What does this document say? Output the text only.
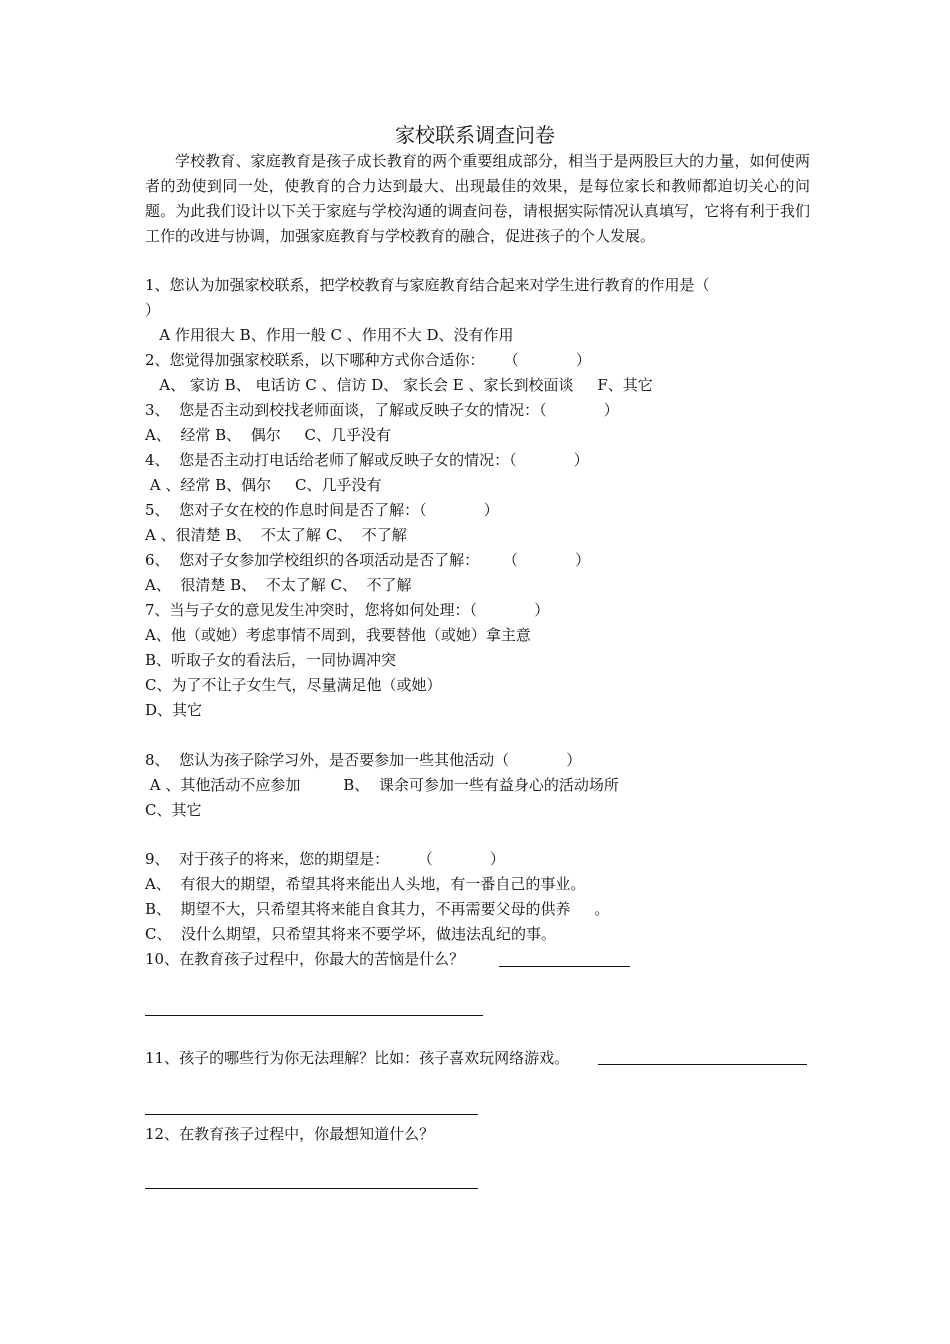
家校联系调查问卷

学校教育、家庭教育是孩子成长教育的两个重要组成部分，相当于是两股巨大的力量，如何使两者的劲使到同一处，使教育的合力达到最大、出现最佳的效果，是每位家长和教师都迫切关心的问题。为此我们设计以下关于家庭与学校沟通的调查问卷，请根据实际情况认真填写，它将有利于我们工作的改进与协调，加强家庭教育与学校教育的融合，促进孩子的个人发展。

1、您认为加强家校联系，把学校教育与家庭教育结合起来对学生进行教育的作用是（

）

A 作用很大 B、作用一般 C 、作用不大 D、没有作用

2、您觉得加强家校联系，以下哪种方式你合适你：    （            ）

A、 家访 B、 电话访 C 、信访 D、 家长会 E 、家长到校面谈     F、其它

3、  您是否主动到校找老师面谈，了解或反映子女的情况：（            ）

A、  经常 B、  偶尔     C、几乎没有

4、  您是否主动打电话给老师了解或反映子女的情况：（            ）

A 、经常 B、偶尔     C、几乎没有

5、  您对子女在校的作息时间是否了解：（            ）

A 、很清楚 B、  不太了解 C、  不了解

6、  您对子女参加学校组织的各项活动是否了解：     （            ）

A、  很清楚 B、  不太了解 C、  不了解

7、当与子女的意见发生冲突时，您将如何处理：（            ）

A、他（或她）考虑事情不周到，我要替他（或她）拿主意

B、听取子女的看法后，一同协调冲突

C、为了不让子女生气，尽量满足他（或她）

D、其它

8、  您认为孩子除学习外，是否要参加一些其他活动（            ）

A 、其他活动不应参加         B、  课余可参加一些有益身心的活动场所

C、其它

9、  对于孩子的将来，您的期望是：      （            ）

A、  有很大的期望，希望其将来能出人头地，有一番自己的事业。

B、  期望不大，只希望其将来能自食其力，不再需要父母的供养     。

C、  没什么期望，只希望其将来不要学坏，做违法乱纪的事。

10、在教育孩子过程中，你最大的苦恼是什么？

11、孩子的哪些行为你无法理解？比如：孩子喜欢玩网络游戏。

12、在教育孩子过程中，你最想知道什么？
